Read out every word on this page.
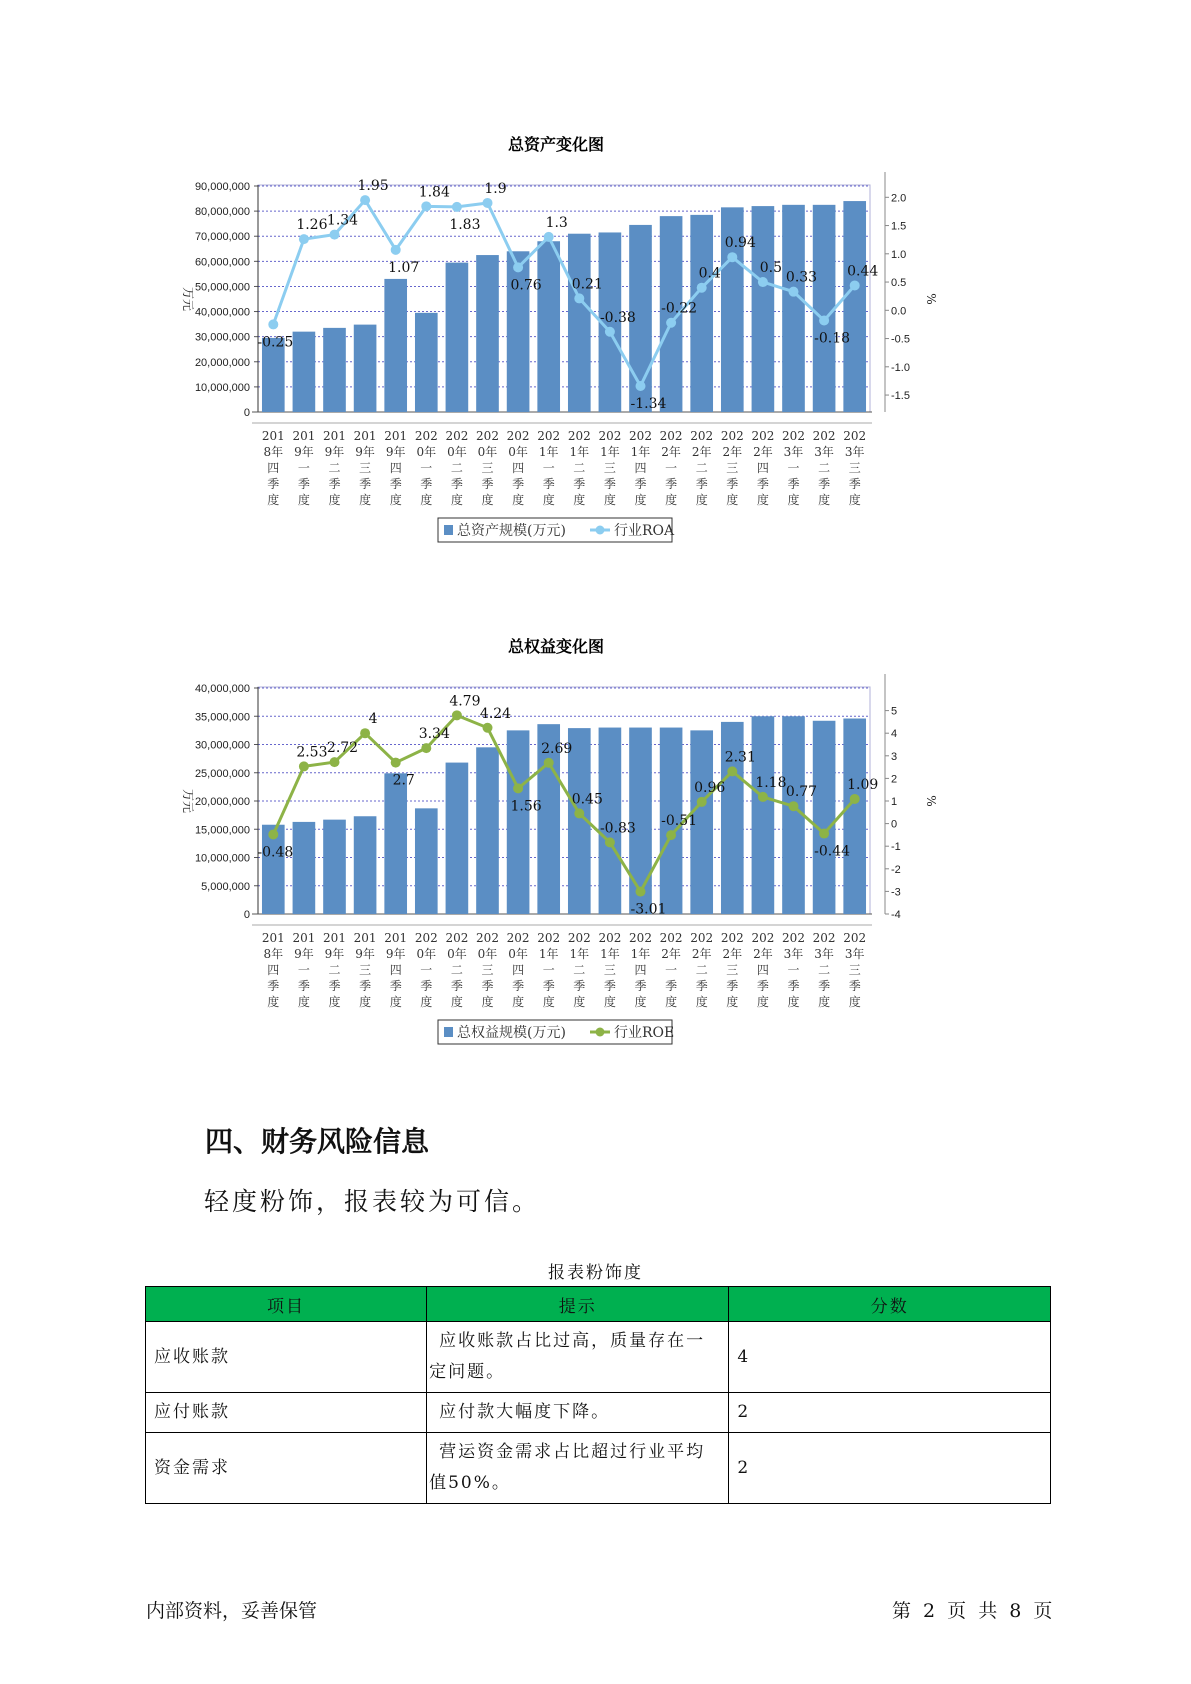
总资产变化图
0
10,000,000
20,000,000
30,000,000
40,000,000
50,000,000
60,000,000
70,000,000
80,000,000
90,000,000
万元
-1.5
-1.0
-0.5
0.0
0.5
1.0
1.5
2.0
%
-0.25
1.26 1.34
1.95
1.07
1.84
1.83
1.9
0.76
1.3
0.21
-0.38
-1.34
-0.22
0.4
0.94
0.5
0.33
-0.18
0.44
201
8年
四
季
度
201
9年
一
季
度
201
9年
二
季
度
201
9年
三
季
度
201
9年
四
季
度
202
0年
一
季
度
202
0年
二
季
度
202
0年
三
季
度
202
0年
四
季
度
202
1年
一
季
度
202
1年
二
季
度
202
1年
三
季
度
202
1年
四
季
度
202
2年
一
季
度
202
2年
二
季
度
202
2年
三
季
度
202
2年
四
季
度
202
3年
一
季
度
202
3年
二
季
度
202
3年
三
季
度
总资产规模(万元)	行业ROA
总权益变化图
0
5,000,000
10,000,000
15,000,000
20,000,000
25,000,000
30,000,000
35,000,000
40,000,000
万元
-4
-3
-2
-1
0
1
2
3
4
5
%
-0.48
2.53 2.72
4
2.7
3.34
4.79
4.24
1.56
2.69
0.45
-0.83
-3.01
-0.51
0.96
2.31
1.18
0.77
-0.44
1.09
201
8年
四
季
度
201
9年
一
季
度
201
9年
二
季
度
201
9年
三
季
度
201
9年
四
季
度
202
0年
一
季
度
202
0年
二
季
度
202
0年
三
季
度
202
0年
四
季
度
202
1年
一
季
度
202
1年
二
季
度
202
1年
三
季
度
202
1年
四
季
度
202
2年
一
季
度
202
2年
二
季
度
202
2年
三
季
度
202
2年
四
季
度
202
3年
一
季
度
202
3年
二
季
度
202
3年
三
季
度
总权益规模(万元)	行业ROE
四、财务风险信息

轻度粉饰，报表较为可信。

报表粉饰度
项目	提示	分数
应收账款	应收账款占比过高，质量存在一定问题。	4
应付账款	应付款大幅度下降。	2
资金需求	营运资金需求占比超过行业平均值50%。	2
内部资料，妥善保管	第 2 页 共 8 页
